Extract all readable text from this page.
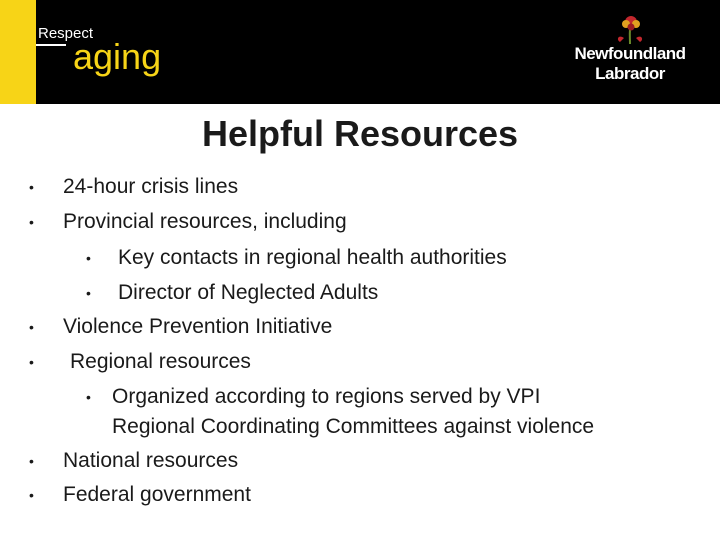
Respect
aging	Newfoundland
Labrador
Helpful Resources
• 24-hour crisis lines
• Provincial resources, including
• Key contacts in regional health authorities
• Director of Neglected Adults
• Violence Prevention Initiative
• Regional resources
• Organized according to regions served by VPI
Regional Coordinating Committees against violence
• National resources
• Federal government
